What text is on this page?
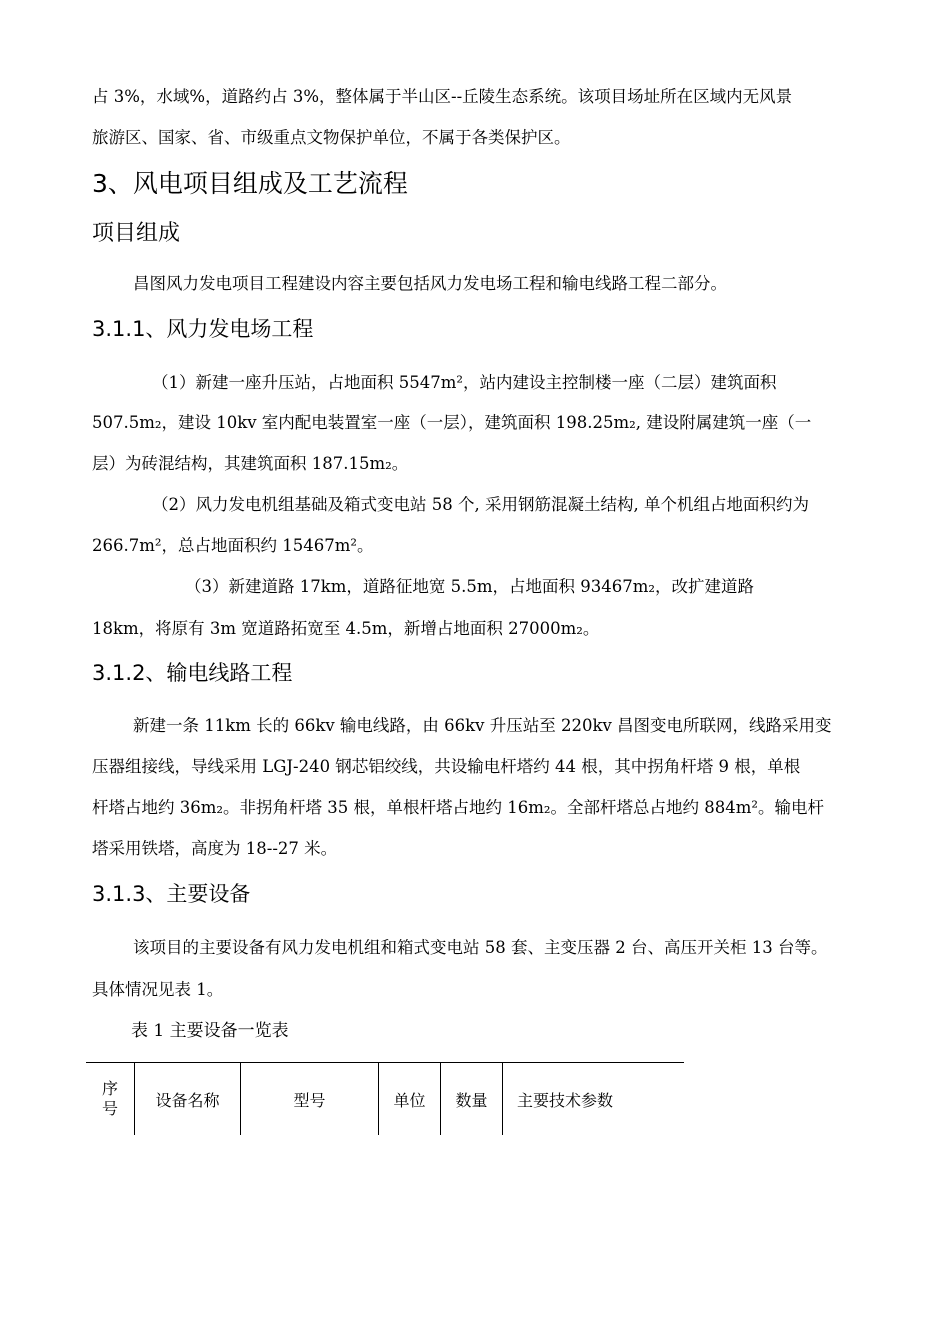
占 3%，水域%，道路约占 3%，整体属于半山区--丘陵生态系统。该项目场址所在区域内无风景
旅游区、国家、省、市级重点文物保护单位，不属于各类保护区。
3、风电项目组成及工艺流程
项目组成
昌图风力发电项目工程建设内容主要包括风力发电场工程和输电线路工程二部分。
3.1.1、风力发电场工程
（1）新建一座升压站，占地面积 5547m²，站内建设主控制楼一座（二层）建筑面积
507.5m₂，建设 10kv 室内配电装置室一座（一层），建筑面积 198.25m₂, 建设附属建筑一座（一
层）为砖混结构，其建筑面积 187.15m₂。
（2）风力发电机组基础及箱式变电站 58 个, 采用钢筋混凝土结构, 单个机组占地面积约为
266.7m²，总占地面积约 15467m²。
（3）新建道路 17km，道路征地宽 5.5m，占地面积 93467m₂，改扩建道路
18km，将原有 3m 宽道路拓宽至 4.5m，新增占地面积 27000m₂。
3.1.2、输电线路工程
新建一条 11km 长的 66kv 输电线路，由 66kv 升压站至 220kv 昌图变电所联网，线路采用变
压器组接线，导线采用 LGJ-240 钢芯铝绞线，共设输电杆塔约 44 根，其中拐角杆塔 9 根，单根
杆塔占地约 36m₂。非拐角杆塔 35 根，单根杆塔占地约 16m₂。全部杆塔总占地约 884m²。输电杆
塔采用铁塔，高度为 18--27 米。
3.1.3、主要设备
该项目的主要设备有风力发电机组和箱式变电站 58 套、主变压器 2 台、高压开关柜 13 台等。
具体情况见表 1。
表 1 主要设备一览表
序
号	设备名称	型号	单位	数量	主要技术参数
